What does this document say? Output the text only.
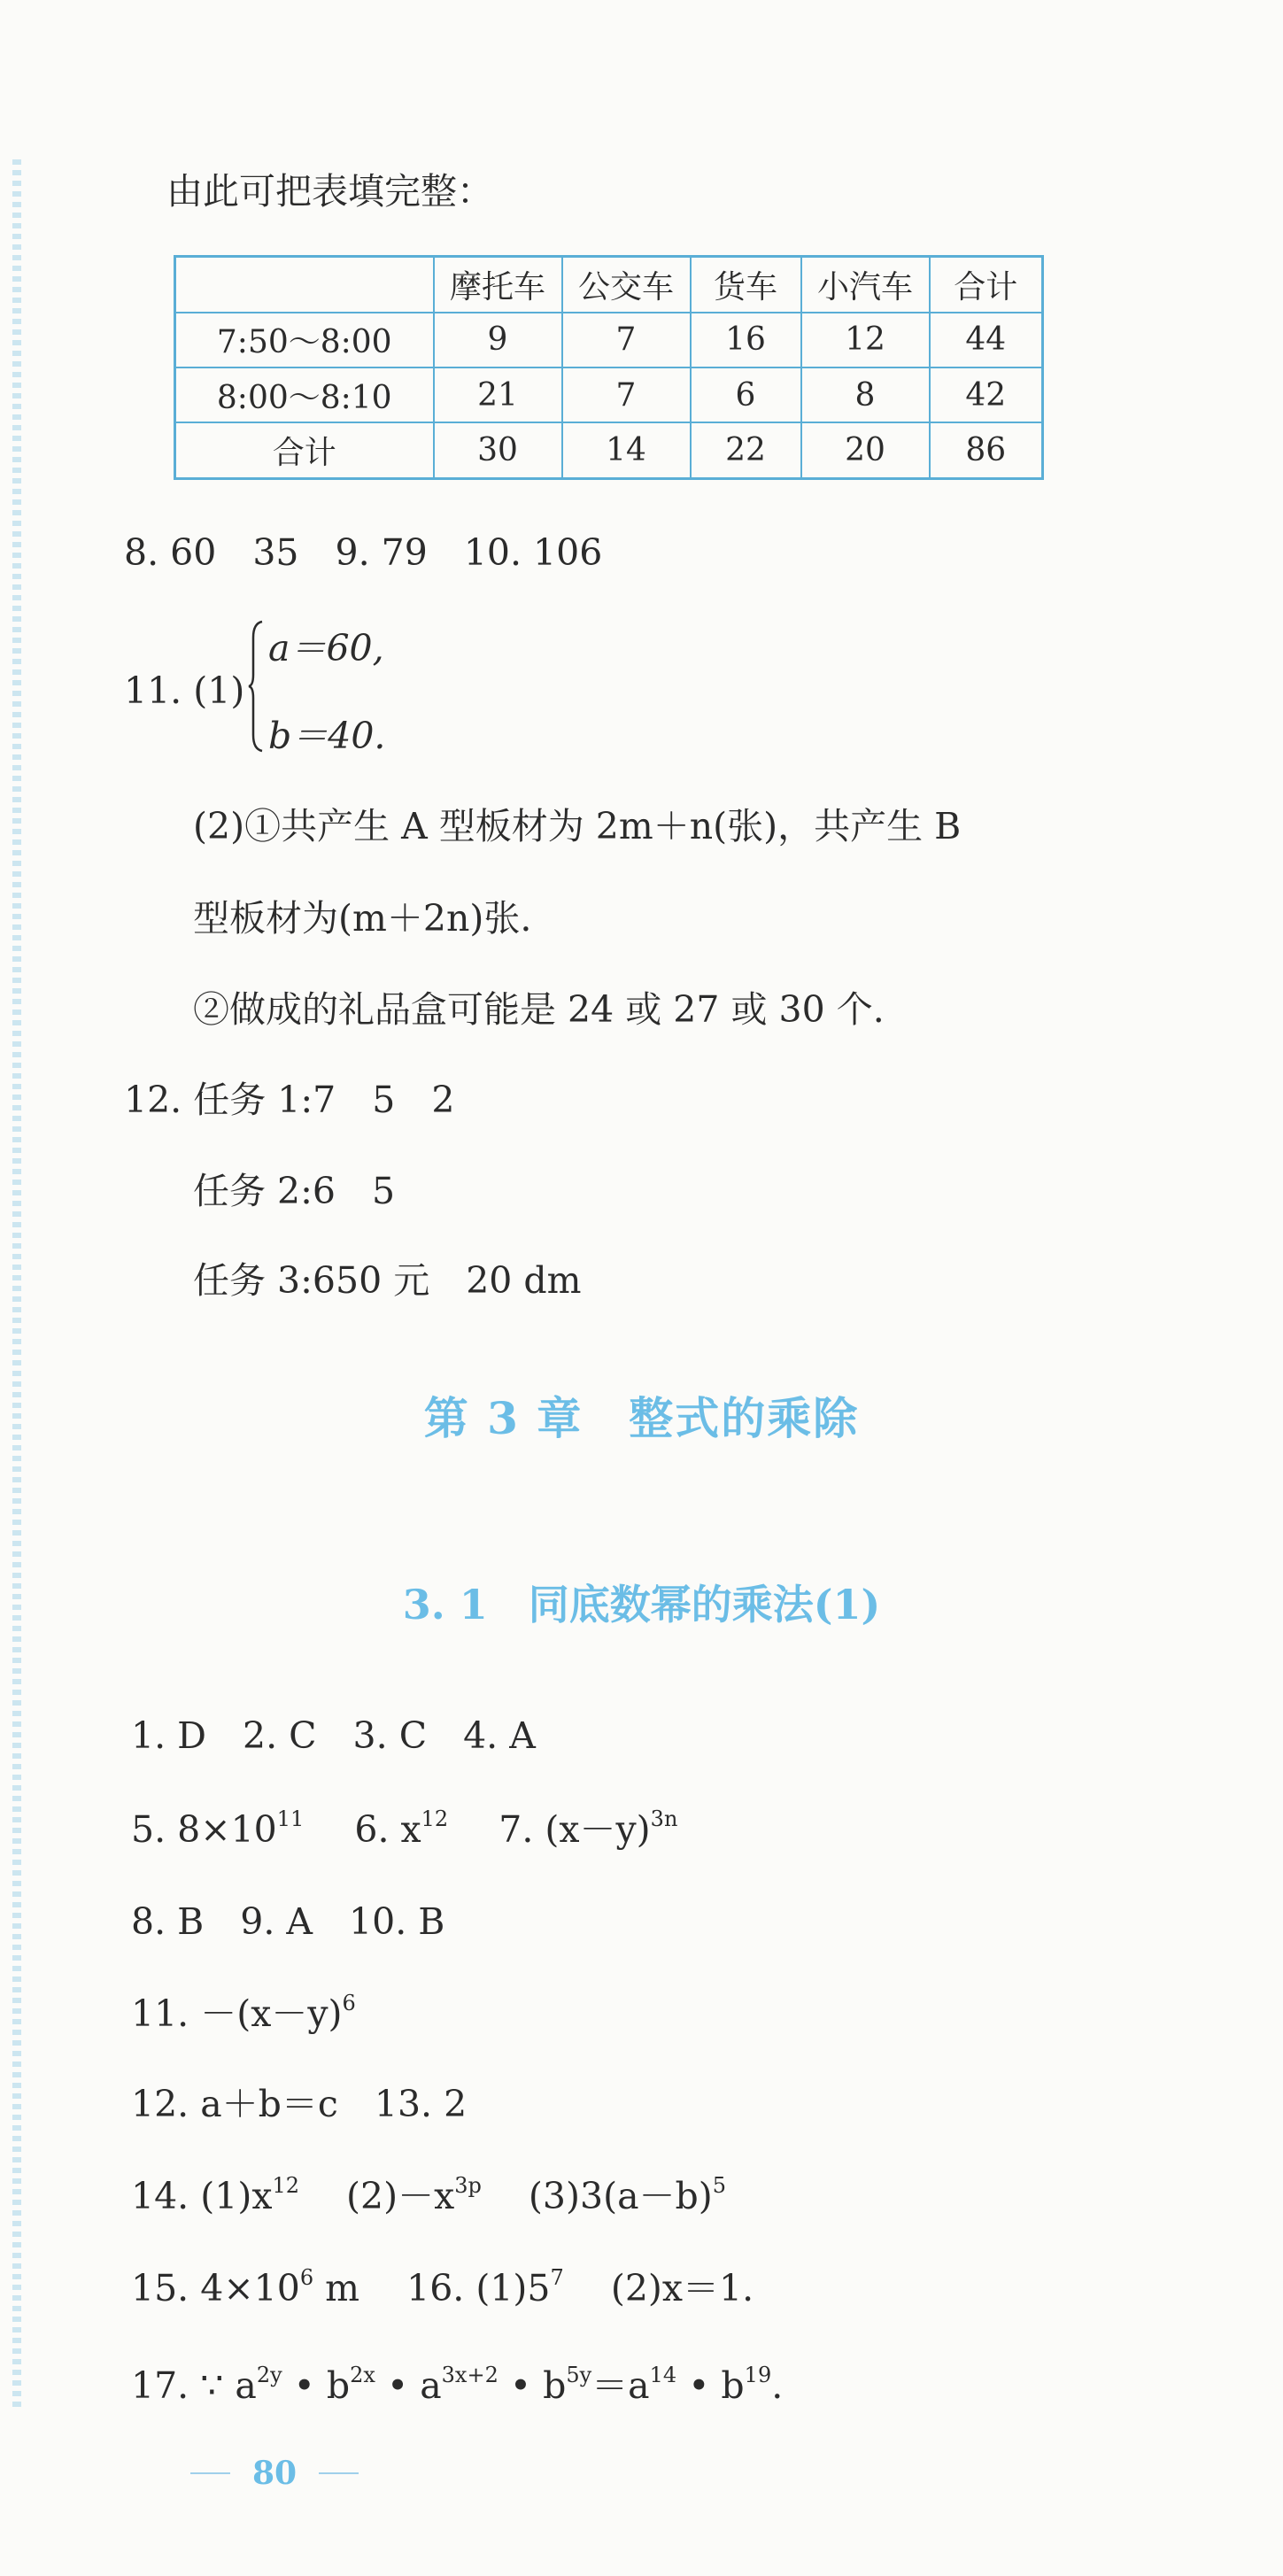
由此可把表填完整：
	摩托车	公交车	货车	小汽车	合计
7:50～8:00	9	7	16	12	44
8:00～8:10	21	7	6	8	42
合计	30	14	22	20	86
8. 60　35　9. 79　10. 106
11. (1)
a＝60,
b＝40.
(2)①共产生 A 型板材为 2m＋n(张)，共产生 B
型板材为(m＋2n)张.
②做成的礼品盒可能是 24 或 27 或 30 个.
12. 任务 1:7　5　2
任务 2:6　5
任务 3:650 元　20 dm
第 3 章　整式的乘除
3. 1　同底数幂的乘法(1)
1. D　2. C　3. C　4. A
5. $8\times 10^{11}$ 6. $x^{12}$ 7. $(x-y)^{3n}$
8. B　9. A　10. B
11. $-(x-y)^6$
12. a＋b＝c　13. 2
14. $(1)x^{12}$ $(2)-x^{3p}$ $(3)3(a-b)^5$
15. $4\times 10^6$ m 16. $(1)5^7$ (2)x＝1.
17. ∵ $a^{2y}$ • $b^{2x}$ • $a^{3x+2}$ • $b^{5y}=a^{14}$ • $b^{19}$.
80
